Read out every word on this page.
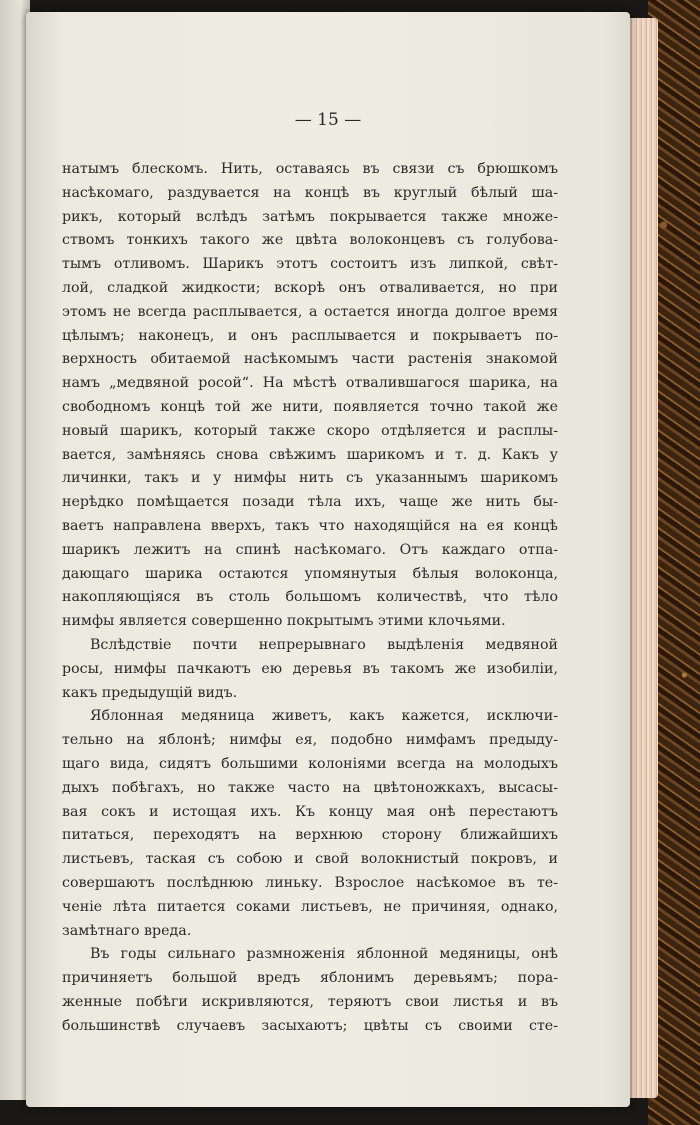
— 15 —
натымъ блескомъ. Нить, оставаясь въ связи съ брюшкомъ
насѣкомаго, раздувается на концѣ въ круглый бѣлый ша-
рикъ, который вслѣдъ затѣмъ покрывается также множе-
ствомъ тонкихъ такого же цвѣта волоконцевъ съ голубова-
тымъ отливомъ. Шарикъ этотъ состоитъ изъ липкой, свѣт-
лой, сладкой жидкости; вскорѣ онъ отваливается, но при
этомъ не всегда расплывается, а остается иногда долгое время
цѣлымъ; наконецъ, и онъ расплывается и покрываетъ по-
верхность обитаемой насѣкомымъ части растенія знакомой
намъ „медвяной росой“. На мѣстѣ отвалившагося шарика, на
свободномъ концѣ той же нити, появляется точно такой же
новый шарикъ, который также скоро отдѣляется и расплы-
вается, замѣняясь снова свѣжимъ шарикомъ и т. д. Какъ у
личинки, такъ и у нимфы нить съ указаннымъ шарикомъ
нерѣдко помѣщается позади тѣла ихъ, чаще же нить бы-
ваетъ направлена вверхъ, такъ что находящійся на ея концѣ
шарикъ лежитъ на спинѣ насѣкомаго. Отъ каждаго отпа-
дающаго шарика остаются упомянутыя бѣлыя волоконца,
накопляющіяся въ столь большомъ количествѣ, что тѣло
нимфы является совершенно покрытымъ этими клочьями.
Вслѣдствіе почти непрерывнаго выдѣленія медвяной
росы, нимфы пачкаютъ ею деревья въ такомъ же изобиліи,
какъ предыдущій видъ.
Яблонная медяница живетъ, какъ кажется, исключи-
тельно на яблонѣ; нимфы ея, подобно нимфамъ предыду-
щаго вида, сидятъ большими колоніями всегда на молодыхъ
дыхъ побѣгахъ, но также часто на цвѣтоножкахъ, высасы-
вая сокъ и истощая ихъ. Къ концу мая онѣ перестаютъ
питаться, переходятъ на верхнюю сторону ближайшихъ
листьевъ, таская съ собою и свой волокнистый покровъ, и
совершаютъ послѣднюю линьку. Взрослое насѣкомое въ те-
ченіе лѣта питается соками листьевъ, не причиняя, однако,
замѣтнаго вреда.
Въ годы сильнаго размноженія яблонной медяницы, онѣ
причиняетъ большой вредъ яблонимъ деревьямъ; пора-
женные побѣги искривляются, теряютъ свои листья и въ
большинствѣ случаевъ засыхаютъ; цвѣты съ своими сте-
